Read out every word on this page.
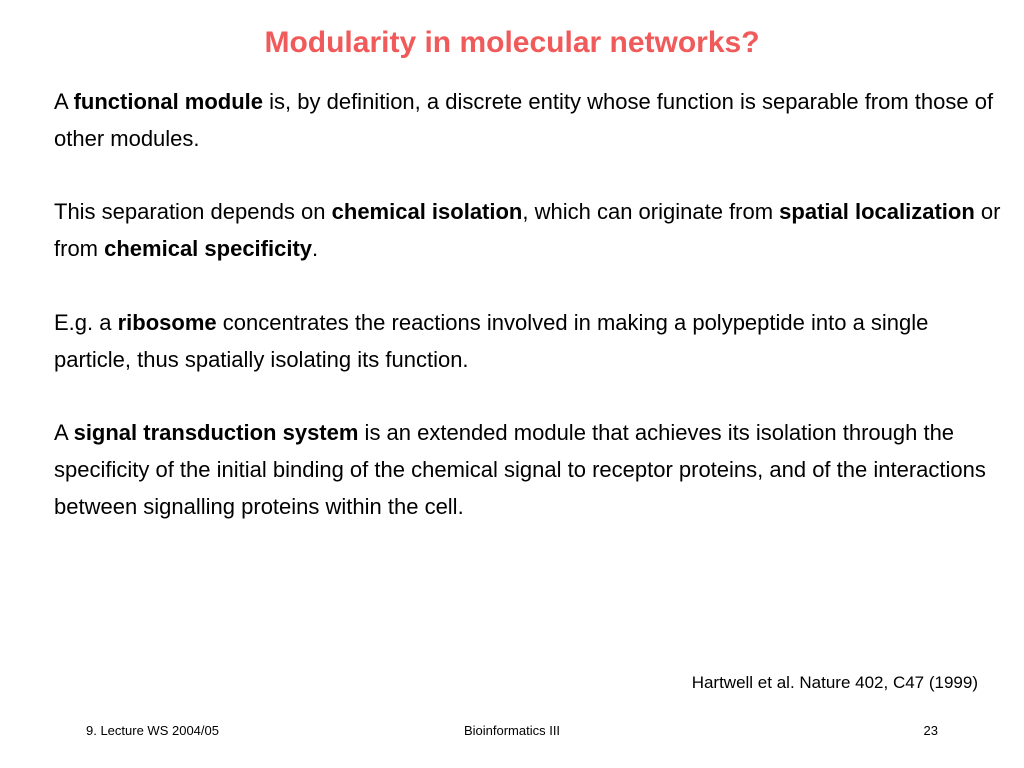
Modularity in molecular networks?

A functional module is, by definition, a discrete entity whose function is separable from those of other modules.

This separation depends on chemical isolation, which can originate from spatial localization or from chemical specificity.

E.g. a ribosome concentrates the reactions involved in making a polypeptide into a single particle, thus spatially isolating its function.

A signal transduction system is an extended module that achieves its isolation through the specificity of the initial binding of the chemical signal to receptor proteins, and of the interactions between signalling proteins within the cell.

Hartwell et al. Nature 402, C47 (1999)
9. Lecture WS 2004/05	Bioinformatics III	23
